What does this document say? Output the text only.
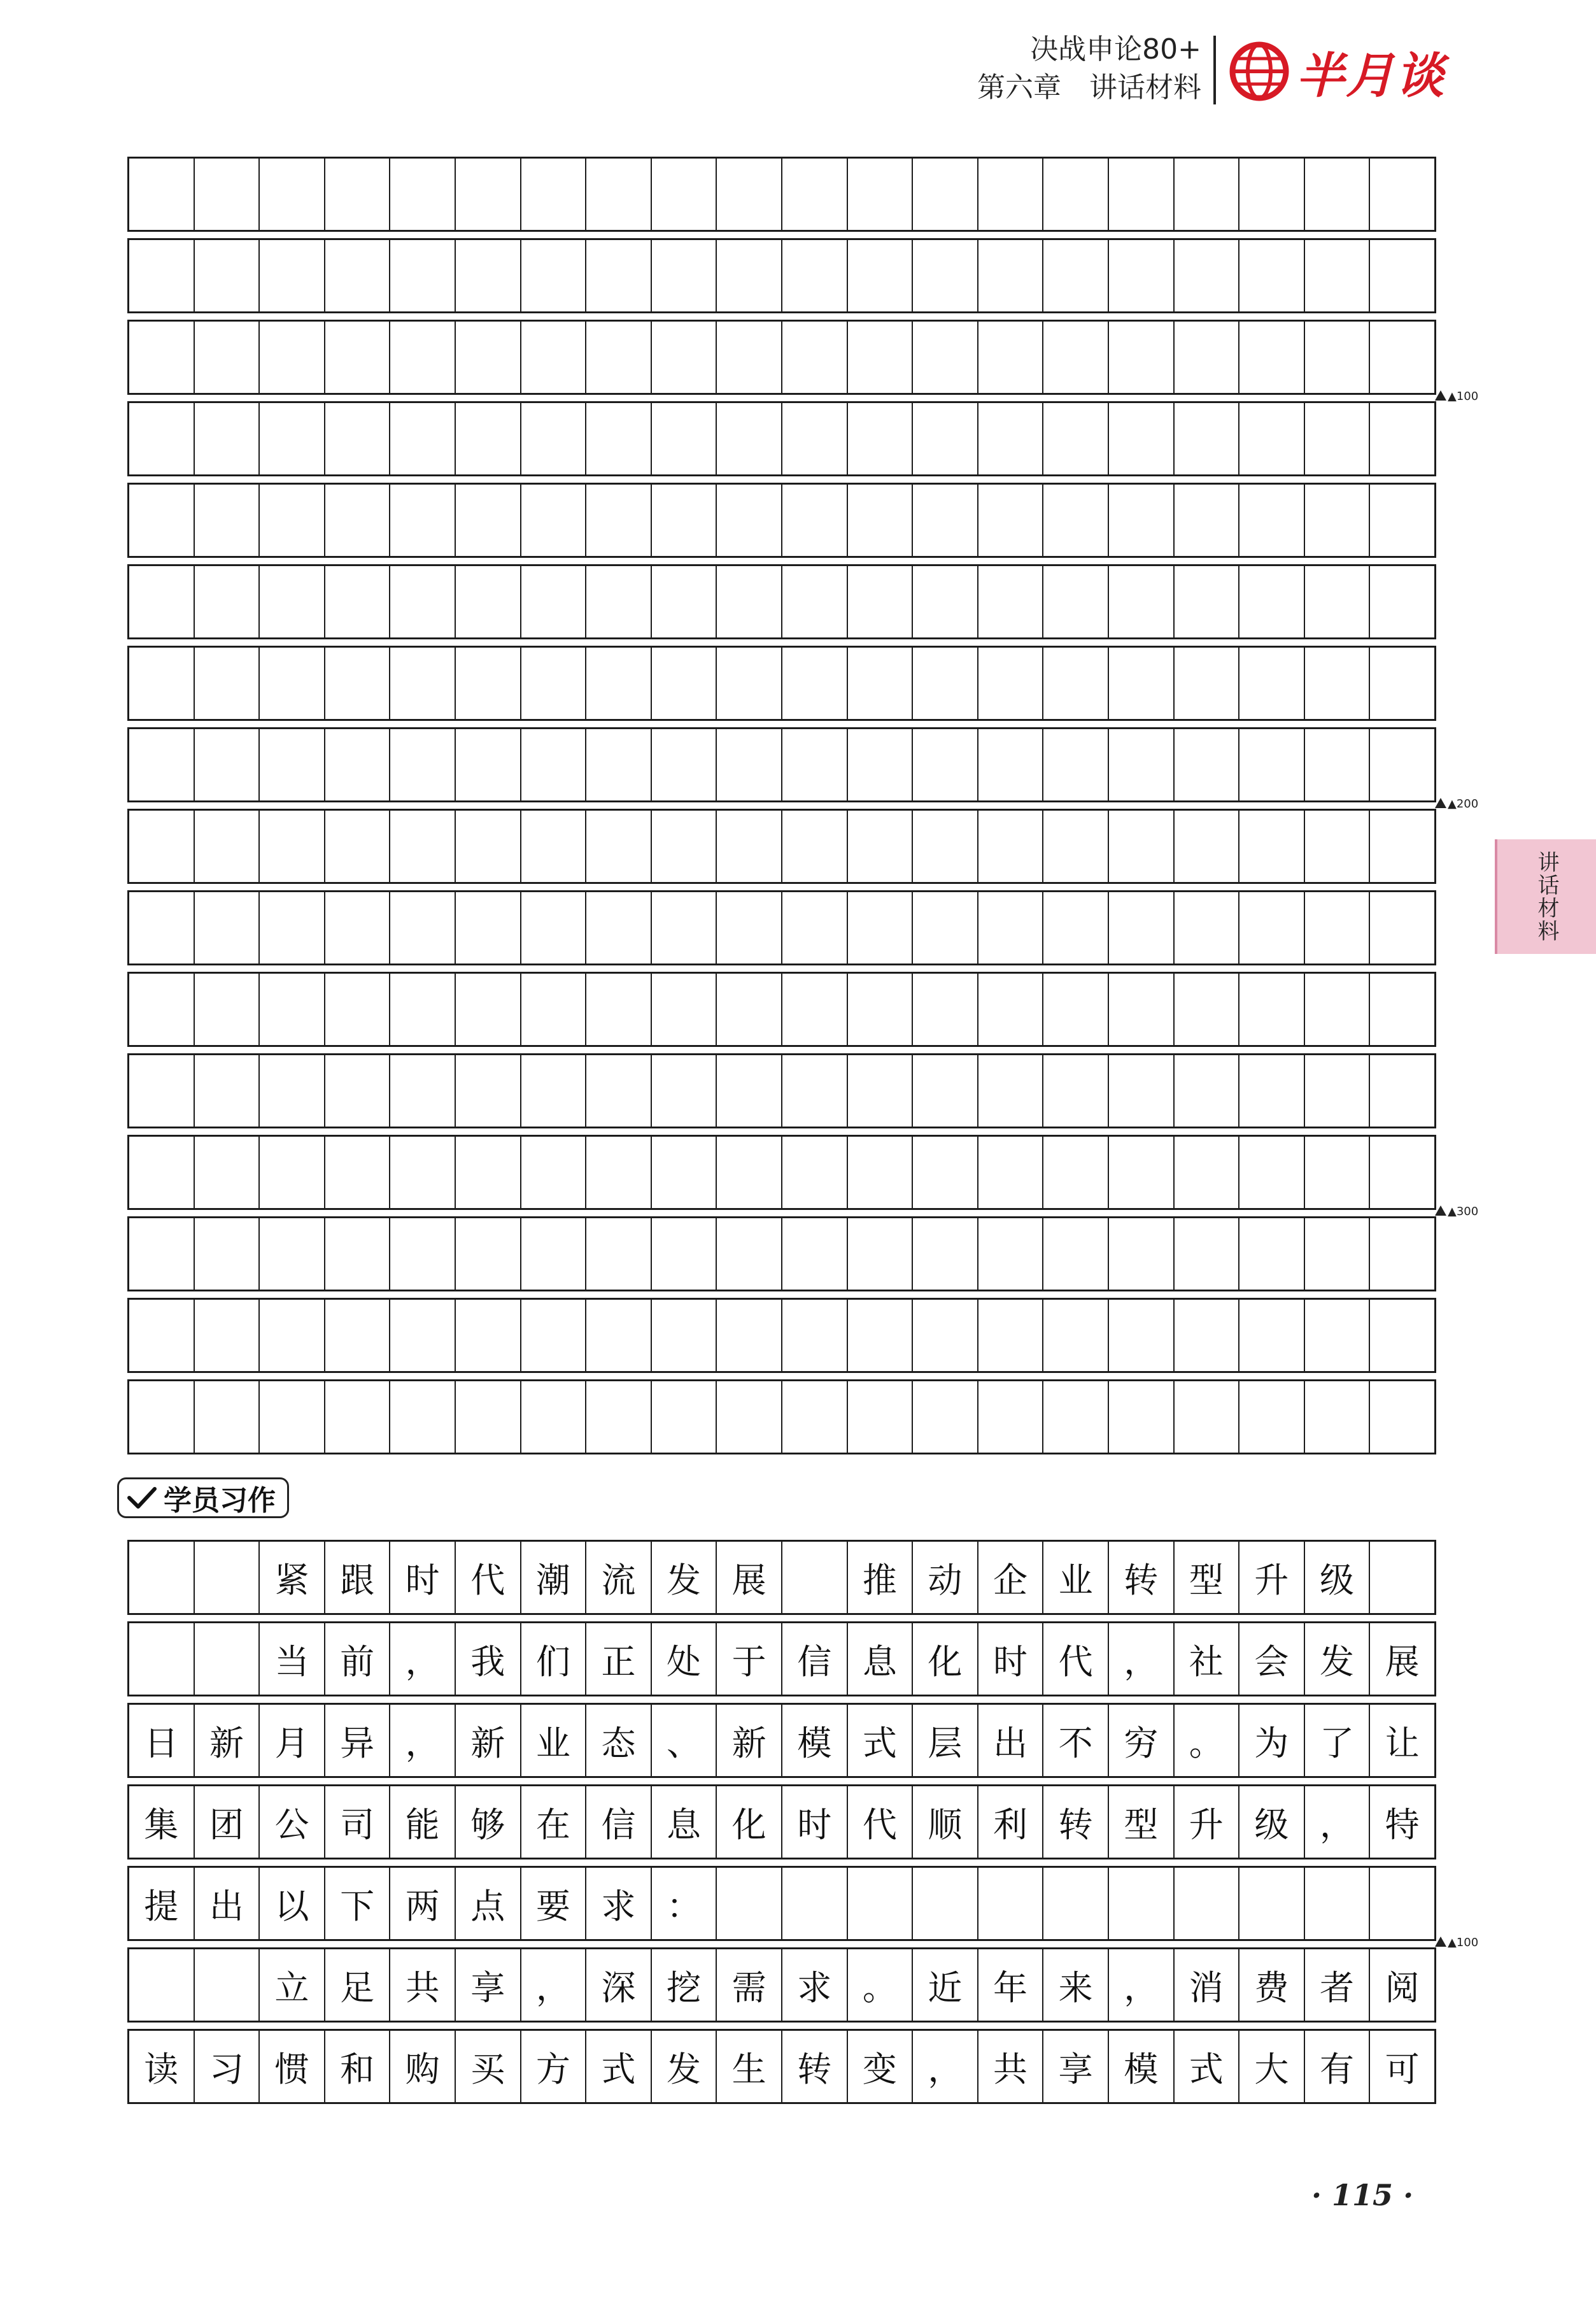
决战申论80+
第六章　讲话材料 半月谈
讲话材料
▲100
▲200
▲300
学员习作
紧 跟 时 代 潮 流 发 展	推 动 企 业 转 型 升 级
当 前 ， 我 们 正 处 于 信 息 化 时 代 ， 社 会 发 展
日 新 月 异 ， 新 业 态 、 新 模 式 层 出 不 穷 。 为 了 让
集 团 公 司 能 够 在 信 息 化 时 代 顺 利 转 型 升 级 ， 特
提 出 以 下 两 点 要 求 ：
立 足 共 享 ， 深 挖 需 求 。 近 年 来 ， 消 费 者 阅
读 习 惯 和 购 买 方 式 发 生 转 变 ， 共 享 模 式 大 有 可
▲100
· 115 ·
